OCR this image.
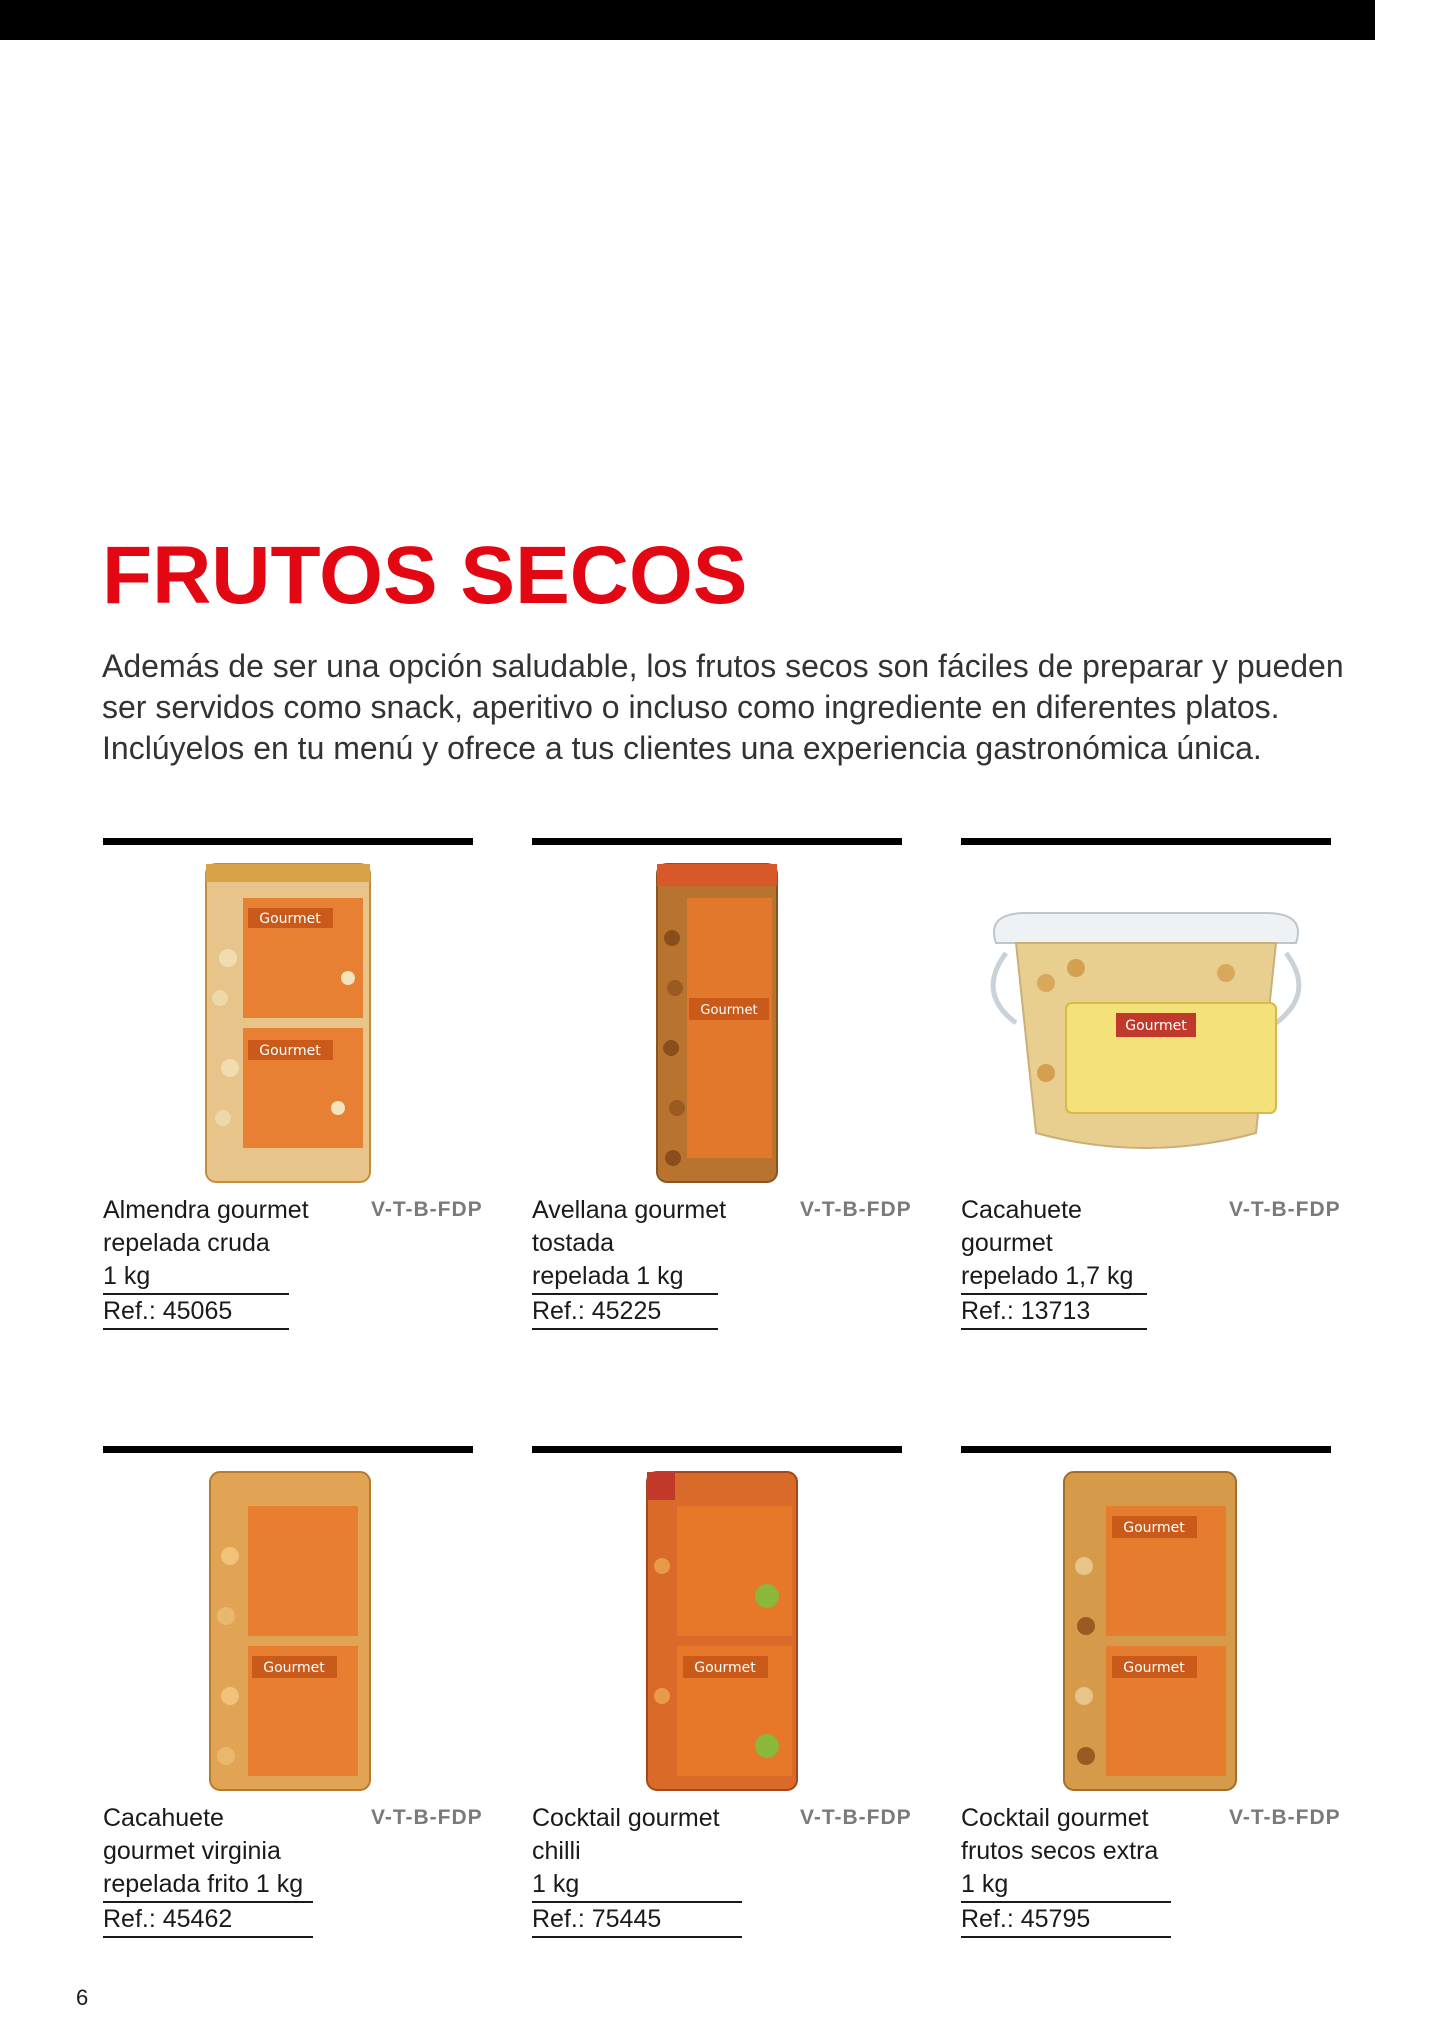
FRUTOS SECOS

Además de ser una opción saludable, los frutos secos son fáciles de preparar y pueden ser servidos como snack, aperitivo o incluso como ingrediente en diferentes platos. Inclúyelos en tu menú y ofrece a tus clientes una experiencia gastronómica única.

Gourmet
Gourmet
Almendra gourmet
repelada cruda
1 kg
Ref.: 45065
V-T-B-FDP
Gourmet
Avellana gourmet
tostada
repelada 1 kg
Ref.: 45225
V-T-B-FDP
Gourmet
Cacahuete
gourmet
repelado 1,7 kg
Ref.: 13713
V-T-B-FDP
Gourmet
Cacahuete
gourmet virginia
repelada frito 1 kg
Ref.: 45462
V-T-B-FDP
Gourmet
Cocktail gourmet
chilli
1 kg
Ref.: 75445
V-T-B-FDP
Gourmet
Gourmet
Cocktail gourmet
frutos secos extra
1 kg
Ref.: 45795
V-T-B-FDP
6
